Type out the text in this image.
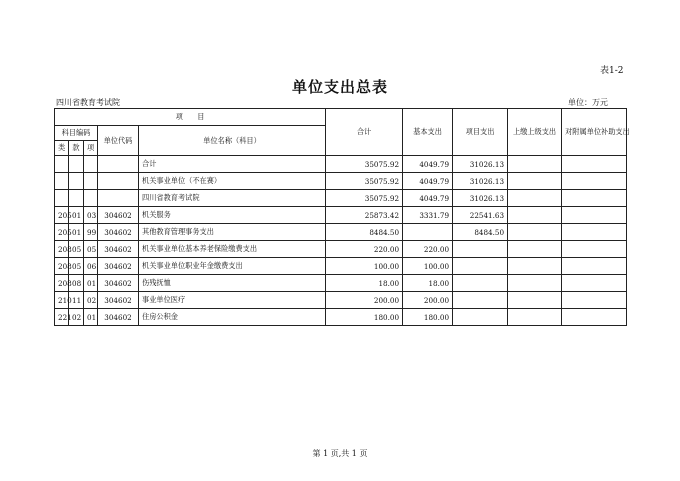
表1-2
单位支出总表
四川省教育考试院	单位：万元
项　　目					合计	基本支出	项目支出	上缴上级支出	对附属单位补助支出
科目编码			单位代码	单位名称（科目）					
类	款	项							
				合计	35075.92	4049.79	31026.13		
				机关事业单位（不在赛）	35075.92	4049.79	31026.13		
				四川省教育考试院	35075.92	4049.79	31026.13		
205	01	03	304602	机关服务	25873.42	3331.79	22541.63		
205	01	99	304602	其他教育管理事务支出	8484.50		8484.50		
208	05	05	304602	机关事业单位基本养老保险缴费支出	220.00	220.00			
208	05	06	304602	机关事业单位职业年金缴费支出	100.00	100.00			
208	08	01	304602	伤残抚恤	18.00	18.00			
210	11	02	304602	事业单位医疗	200.00	200.00			
221	02	01	304602	住房公积金	180.00	180.00			
第 1 页,共 1 页
